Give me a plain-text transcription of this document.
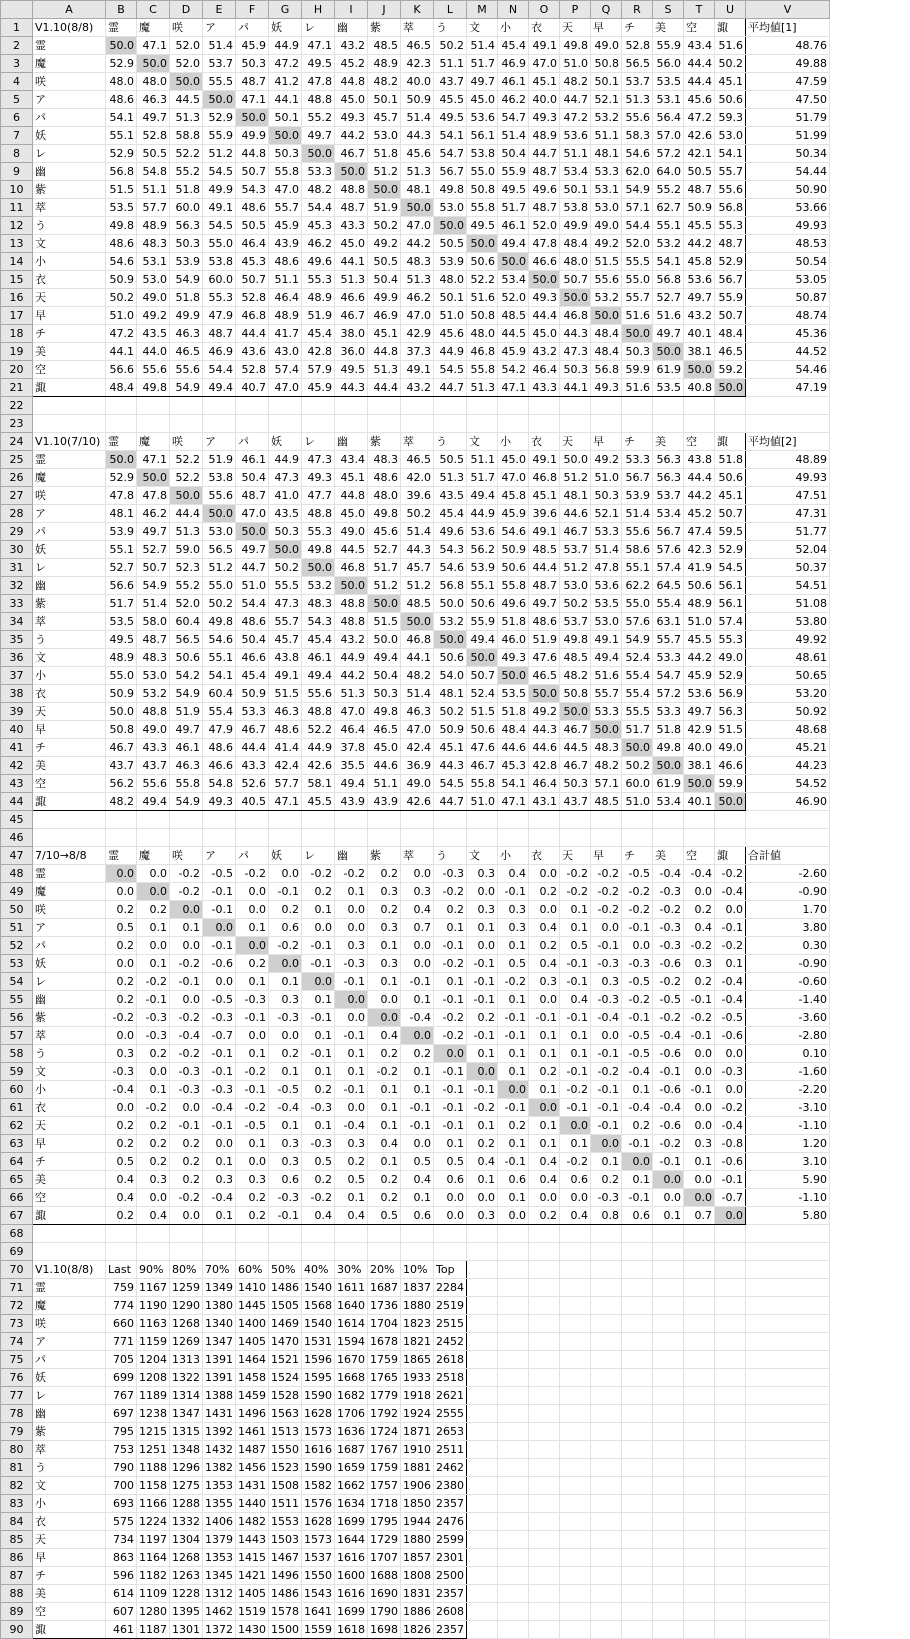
	A	B	C	D	E	F	G	H	I	J	K	L	M	N	O	P	Q	R	S	T	U	V
1	V1.10(8/8)	霊	魔	咲	ア	パ	妖	レ	幽	紫	萃	う	文	小	衣	天	早	チ	美	空	諏	平均値[1]
2	霊	50.0	47.1	52.0	51.4	45.9	44.9	47.1	43.2	48.5	46.5	50.2	51.4	45.4	49.1	49.8	49.0	52.8	55.9	43.4	51.6	48.76
3	魔	52.9	50.0	52.0	53.7	50.3	47.2	49.5	45.2	48.9	42.3	51.1	51.7	46.9	47.0	51.0	50.8	56.5	56.0	44.4	50.2	49.88
4	咲	48.0	48.0	50.0	55.5	48.7	41.2	47.8	44.8	48.2	40.0	43.7	49.7	46.1	45.1	48.2	50.1	53.7	53.5	44.4	45.1	47.59
5	ア	48.6	46.3	44.5	50.0	47.1	44.1	48.8	45.0	50.1	50.9	45.5	45.0	46.2	40.0	44.7	52.1	51.3	53.1	45.6	50.6	47.50
6	パ	54.1	49.7	51.3	52.9	50.0	50.1	55.2	49.3	45.7	51.4	49.5	53.6	54.7	49.3	47.2	53.2	55.6	56.4	47.2	59.3	51.79
7	妖	55.1	52.8	58.8	55.9	49.9	50.0	49.7	44.2	53.0	44.3	54.1	56.1	51.4	48.9	53.6	51.1	58.3	57.0	42.6	53.0	51.99
8	レ	52.9	50.5	52.2	51.2	44.8	50.3	50.0	46.7	51.8	45.6	54.7	53.8	50.4	44.7	51.1	48.1	54.6	57.2	42.1	54.1	50.34
9	幽	56.8	54.8	55.2	54.5	50.7	55.8	53.3	50.0	51.2	51.3	56.7	55.0	55.9	48.7	53.4	53.3	62.0	64.0	50.5	55.7	54.44
10	紫	51.5	51.1	51.8	49.9	54.3	47.0	48.2	48.8	50.0	48.1	49.8	50.8	49.5	49.6	50.1	53.1	54.9	55.2	48.7	55.6	50.90
11	萃	53.5	57.7	60.0	49.1	48.6	55.7	54.4	48.7	51.9	50.0	53.0	55.8	51.7	48.7	53.8	53.0	57.1	62.7	50.9	56.8	53.66
12	う	49.8	48.9	56.3	54.5	50.5	45.9	45.3	43.3	50.2	47.0	50.0	49.5	46.1	52.0	49.9	49.0	54.4	55.1	45.5	55.3	49.93
13	文	48.6	48.3	50.3	55.0	46.4	43.9	46.2	45.0	49.2	44.2	50.5	50.0	49.4	47.8	48.4	49.2	52.0	53.2	44.2	48.7	48.53
14	小	54.6	53.1	53.9	53.8	45.3	48.6	49.6	44.1	50.5	48.3	53.9	50.6	50.0	46.6	48.0	51.5	55.5	54.1	45.8	52.9	50.54
15	衣	50.9	53.0	54.9	60.0	50.7	51.1	55.3	51.3	50.4	51.3	48.0	52.2	53.4	50.0	50.7	55.6	55.0	56.8	53.6	56.7	53.05
16	天	50.2	49.0	51.8	55.3	52.8	46.4	48.9	46.6	49.9	46.2	50.1	51.6	52.0	49.3	50.0	53.2	55.7	52.7	49.7	55.9	50.87
17	早	51.0	49.2	49.9	47.9	46.8	48.9	51.9	46.7	46.9	47.0	51.0	50.8	48.5	44.4	46.8	50.0	51.6	51.6	43.2	50.7	48.74
18	チ	47.2	43.5	46.3	48.7	44.4	41.7	45.4	38.0	45.1	42.9	45.6	48.0	44.5	45.0	44.3	48.4	50.0	49.7	40.1	48.4	45.36
19	美	44.1	44.0	46.5	46.9	43.6	43.0	42.8	36.0	44.8	37.3	44.9	46.8	45.9	43.2	47.3	48.4	50.3	50.0	38.1	46.5	44.52
20	空	56.6	55.6	55.6	54.4	52.8	57.4	57.9	49.5	51.3	49.1	54.5	55.8	54.2	46.4	50.3	56.8	59.9	61.9	50.0	59.2	54.46
21	諏	48.4	49.8	54.9	49.4	40.7	47.0	45.9	44.3	44.4	43.2	44.7	51.3	47.1	43.3	44.1	49.3	51.6	53.5	40.8	50.0	47.19
22																						
23																						
24	V1.10(7/10)	霊	魔	咲	ア	パ	妖	レ	幽	紫	萃	う	文	小	衣	天	早	チ	美	空	諏	平均値[2]
25	霊	50.0	47.1	52.2	51.9	46.1	44.9	47.3	43.4	48.3	46.5	50.5	51.1	45.0	49.1	50.0	49.2	53.3	56.3	43.8	51.8	48.89
26	魔	52.9	50.0	52.2	53.8	50.4	47.3	49.3	45.1	48.6	42.0	51.3	51.7	47.0	46.8	51.2	51.0	56.7	56.3	44.4	50.6	49.93
27	咲	47.8	47.8	50.0	55.6	48.7	41.0	47.7	44.8	48.0	39.6	43.5	49.4	45.8	45.1	48.1	50.3	53.9	53.7	44.2	45.1	47.51
28	ア	48.1	46.2	44.4	50.0	47.0	43.5	48.8	45.0	49.8	50.2	45.4	44.9	45.9	39.6	44.6	52.1	51.4	53.4	45.2	50.7	47.31
29	パ	53.9	49.7	51.3	53.0	50.0	50.3	55.3	49.0	45.6	51.4	49.6	53.6	54.6	49.1	46.7	53.3	55.6	56.7	47.4	59.5	51.77
30	妖	55.1	52.7	59.0	56.5	49.7	50.0	49.8	44.5	52.7	44.3	54.3	56.2	50.9	48.5	53.7	51.4	58.6	57.6	42.3	52.9	52.04
31	レ	52.7	50.7	52.3	51.2	44.7	50.2	50.0	46.8	51.7	45.7	54.6	53.9	50.6	44.4	51.2	47.8	55.1	57.4	41.9	54.5	50.37
32	幽	56.6	54.9	55.2	55.0	51.0	55.5	53.2	50.0	51.2	51.2	56.8	55.1	55.8	48.7	53.0	53.6	62.2	64.5	50.6	56.1	54.51
33	紫	51.7	51.4	52.0	50.2	54.4	47.3	48.3	48.8	50.0	48.5	50.0	50.6	49.6	49.7	50.2	53.5	55.0	55.4	48.9	56.1	51.08
34	萃	53.5	58.0	60.4	49.8	48.6	55.7	54.3	48.8	51.5	50.0	53.2	55.9	51.8	48.6	53.7	53.0	57.6	63.1	51.0	57.4	53.80
35	う	49.5	48.7	56.5	54.6	50.4	45.7	45.4	43.2	50.0	46.8	50.0	49.4	46.0	51.9	49.8	49.1	54.9	55.7	45.5	55.3	49.92
36	文	48.9	48.3	50.6	55.1	46.6	43.8	46.1	44.9	49.4	44.1	50.6	50.0	49.3	47.6	48.5	49.4	52.4	53.3	44.2	49.0	48.61
37	小	55.0	53.0	54.2	54.1	45.4	49.1	49.4	44.2	50.4	48.2	54.0	50.7	50.0	46.5	48.2	51.6	55.4	54.7	45.9	52.9	50.65
38	衣	50.9	53.2	54.9	60.4	50.9	51.5	55.6	51.3	50.3	51.4	48.1	52.4	53.5	50.0	50.8	55.7	55.4	57.2	53.6	56.9	53.20
39	天	50.0	48.8	51.9	55.4	53.3	46.3	48.8	47.0	49.8	46.3	50.2	51.5	51.8	49.2	50.0	53.3	55.5	53.3	49.7	56.3	50.92
40	早	50.8	49.0	49.7	47.9	46.7	48.6	52.2	46.4	46.5	47.0	50.9	50.6	48.4	44.3	46.7	50.0	51.7	51.8	42.9	51.5	48.68
41	チ	46.7	43.3	46.1	48.6	44.4	41.4	44.9	37.8	45.0	42.4	45.1	47.6	44.6	44.6	44.5	48.3	50.0	49.8	40.0	49.0	45.21
42	美	43.7	43.7	46.3	46.6	43.3	42.4	42.6	35.5	44.6	36.9	44.3	46.7	45.3	42.8	46.7	48.2	50.2	50.0	38.1	46.6	44.23
43	空	56.2	55.6	55.8	54.8	52.6	57.7	58.1	49.4	51.1	49.0	54.5	55.8	54.1	46.4	50.3	57.1	60.0	61.9	50.0	59.9	54.52
44	諏	48.2	49.4	54.9	49.3	40.5	47.1	45.5	43.9	43.9	42.6	44.7	51.0	47.1	43.1	43.7	48.5	51.0	53.4	40.1	50.0	46.90
45																						
46																						
47	7/10→8/8	霊	魔	咲	ア	パ	妖	レ	幽	紫	萃	う	文	小	衣	天	早	チ	美	空	諏	合計値
48	霊	0.0	0.0	-0.2	-0.5	-0.2	0.0	-0.2	-0.2	0.2	0.0	-0.3	0.3	0.4	0.0	-0.2	-0.2	-0.5	-0.4	-0.4	-0.2	-2.60
49	魔	0.0	0.0	-0.2	-0.1	0.0	-0.1	0.2	0.1	0.3	0.3	-0.2	0.0	-0.1	0.2	-0.2	-0.2	-0.2	-0.3	0.0	-0.4	-0.90
50	咲	0.2	0.2	0.0	-0.1	0.0	0.2	0.1	0.0	0.2	0.4	0.2	0.3	0.3	0.0	0.1	-0.2	-0.2	-0.2	0.2	0.0	1.70
51	ア	0.5	0.1	0.1	0.0	0.1	0.6	0.0	0.0	0.3	0.7	0.1	0.1	0.3	0.4	0.1	0.0	-0.1	-0.3	0.4	-0.1	3.80
52	パ	0.2	0.0	0.0	-0.1	0.0	-0.2	-0.1	0.3	0.1	0.0	-0.1	0.0	0.1	0.2	0.5	-0.1	0.0	-0.3	-0.2	-0.2	0.30
53	妖	0.0	0.1	-0.2	-0.6	0.2	0.0	-0.1	-0.3	0.3	0.0	-0.2	-0.1	0.5	0.4	-0.1	-0.3	-0.3	-0.6	0.3	0.1	-0.90
54	レ	0.2	-0.2	-0.1	0.0	0.1	0.1	0.0	-0.1	0.1	-0.1	0.1	-0.1	-0.2	0.3	-0.1	0.3	-0.5	-0.2	0.2	-0.4	-0.60
55	幽	0.2	-0.1	0.0	-0.5	-0.3	0.3	0.1	0.0	0.0	0.1	-0.1	-0.1	0.1	0.0	0.4	-0.3	-0.2	-0.5	-0.1	-0.4	-1.40
56	紫	-0.2	-0.3	-0.2	-0.3	-0.1	-0.3	-0.1	0.0	0.0	-0.4	-0.2	0.2	-0.1	-0.1	-0.1	-0.4	-0.1	-0.2	-0.2	-0.5	-3.60
57	萃	0.0	-0.3	-0.4	-0.7	0.0	0.0	0.1	-0.1	0.4	0.0	-0.2	-0.1	-0.1	0.1	0.1	0.0	-0.5	-0.4	-0.1	-0.6	-2.80
58	う	0.3	0.2	-0.2	-0.1	0.1	0.2	-0.1	0.1	0.2	0.2	0.0	0.1	0.1	0.1	0.1	-0.1	-0.5	-0.6	0.0	0.0	0.10
59	文	-0.3	0.0	-0.3	-0.1	-0.2	0.1	0.1	0.1	-0.2	0.1	-0.1	0.0	0.1	0.2	-0.1	-0.2	-0.4	-0.1	0.0	-0.3	-1.60
60	小	-0.4	0.1	-0.3	-0.3	-0.1	-0.5	0.2	-0.1	0.1	0.1	-0.1	-0.1	0.0	0.1	-0.2	-0.1	0.1	-0.6	-0.1	0.0	-2.20
61	衣	0.0	-0.2	0.0	-0.4	-0.2	-0.4	-0.3	0.0	0.1	-0.1	-0.1	-0.2	-0.1	0.0	-0.1	-0.1	-0.4	-0.4	0.0	-0.2	-3.10
62	天	0.2	0.2	-0.1	-0.1	-0.5	0.1	0.1	-0.4	0.1	-0.1	-0.1	0.1	0.2	0.1	0.0	-0.1	0.2	-0.6	0.0	-0.4	-1.10
63	早	0.2	0.2	0.2	0.0	0.1	0.3	-0.3	0.3	0.4	0.0	0.1	0.2	0.1	0.1	0.1	0.0	-0.1	-0.2	0.3	-0.8	1.20
64	チ	0.5	0.2	0.2	0.1	0.0	0.3	0.5	0.2	0.1	0.5	0.5	0.4	-0.1	0.4	-0.2	0.1	0.0	-0.1	0.1	-0.6	3.10
65	美	0.4	0.3	0.2	0.3	0.3	0.6	0.2	0.5	0.2	0.4	0.6	0.1	0.6	0.4	0.6	0.2	0.1	0.0	0.0	-0.1	5.90
66	空	0.4	0.0	-0.2	-0.4	0.2	-0.3	-0.2	0.1	0.2	0.1	0.0	0.0	0.1	0.0	0.0	-0.3	-0.1	0.0	0.0	-0.7	-1.10
67	諏	0.2	0.4	0.0	0.1	0.2	-0.1	0.4	0.4	0.5	0.6	0.0	0.3	0.0	0.2	0.4	0.8	0.6	0.1	0.7	0.0	5.80
68																						
69																						
70	V1.10(8/8)	Last	90%	80%	70%	60%	50%	40%	30%	20%	10%	Top										
71	霊	759	1167	1259	1349	1410	1486	1540	1611	1687	1837	2284										
72	魔	774	1190	1290	1380	1445	1505	1568	1640	1736	1880	2519										
73	咲	660	1163	1268	1340	1400	1469	1540	1614	1704	1823	2515										
74	ア	771	1159	1269	1347	1405	1470	1531	1594	1678	1821	2452										
75	パ	705	1204	1313	1391	1464	1521	1596	1670	1759	1865	2618										
76	妖	699	1208	1322	1391	1458	1524	1595	1668	1765	1933	2518										
77	レ	767	1189	1314	1388	1459	1528	1590	1682	1779	1918	2621										
78	幽	697	1238	1347	1431	1496	1563	1628	1706	1792	1924	2555										
79	紫	795	1215	1315	1392	1461	1513	1573	1636	1724	1871	2653										
80	萃	753	1251	1348	1432	1487	1550	1616	1687	1767	1910	2511										
81	う	790	1188	1296	1382	1456	1523	1590	1659	1759	1881	2462										
82	文	700	1158	1275	1353	1431	1508	1582	1662	1757	1906	2380										
83	小	693	1166	1288	1355	1440	1511	1576	1634	1718	1850	2357										
84	衣	575	1224	1332	1406	1482	1553	1628	1699	1795	1944	2476										
85	天	734	1197	1304	1379	1443	1503	1573	1644	1729	1880	2599										
86	早	863	1164	1268	1353	1415	1467	1537	1616	1707	1857	2301										
87	チ	596	1182	1263	1345	1421	1496	1550	1600	1688	1808	2500										
88	美	614	1109	1228	1312	1405	1486	1543	1616	1690	1831	2357										
89	空	607	1280	1395	1462	1519	1578	1641	1699	1790	1886	2608										
90	諏	461	1187	1301	1372	1430	1500	1559	1618	1698	1826	2357										
